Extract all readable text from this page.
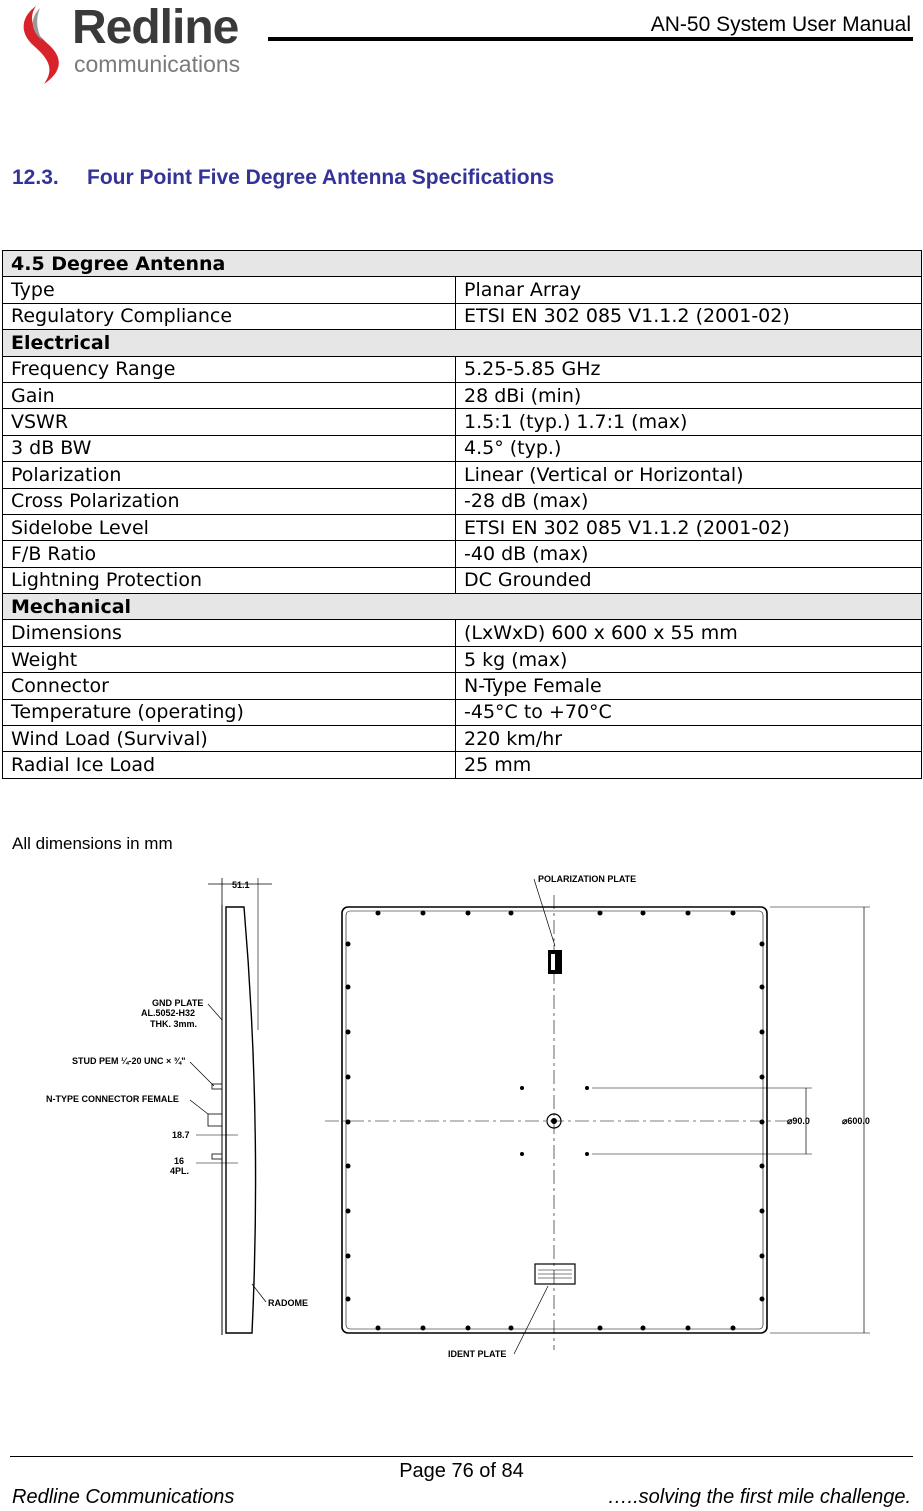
Redline
communications
AN-50 System User Manual
12.3. Four Point Five Degree Antenna Specifications
4.5 Degree Antenna	
Type	Planar Array
Regulatory Compliance	ETSI EN 302 085 V1.1.2 (2001-02)
Electrical	
Frequency Range	5.25-5.85 GHz
Gain	28 dBi (min)
VSWR	1.5:1 (typ.) 1.7:1 (max)
3 dB BW	4.5° (typ.)
Polarization	Linear (Vertical or Horizontal)
Cross Polarization	-28 dB (max)
Sidelobe Level	ETSI EN 302 085 V1.1.2 (2001-02)
F/B Ratio	-40 dB (max)
Lightning Protection	DC Grounded
Mechanical	
Dimensions	(LxWxD) 600 x 600 x 55 mm
Weight	5 kg (max)
Connector	N-Type Female
Temperature (operating)	-45°C to +70°C
Wind Load (Survival)	220 km/hr
Radial Ice Load	25 mm
All dimensions in mm
51.1
GND PLATE
AL.5052-H32
THK. 3mm.
STUD PEM ¼-20 UNC × ¾"
N-TYPE CONNECTOR FEMALE
18.7
16
4PL.
RADOME
POLARIZATION PLATE
IDENT PLATE
⌀90.0	⌀600.0
Page 76 of 84
Redline Communications	…..solving the first mile challenge.
